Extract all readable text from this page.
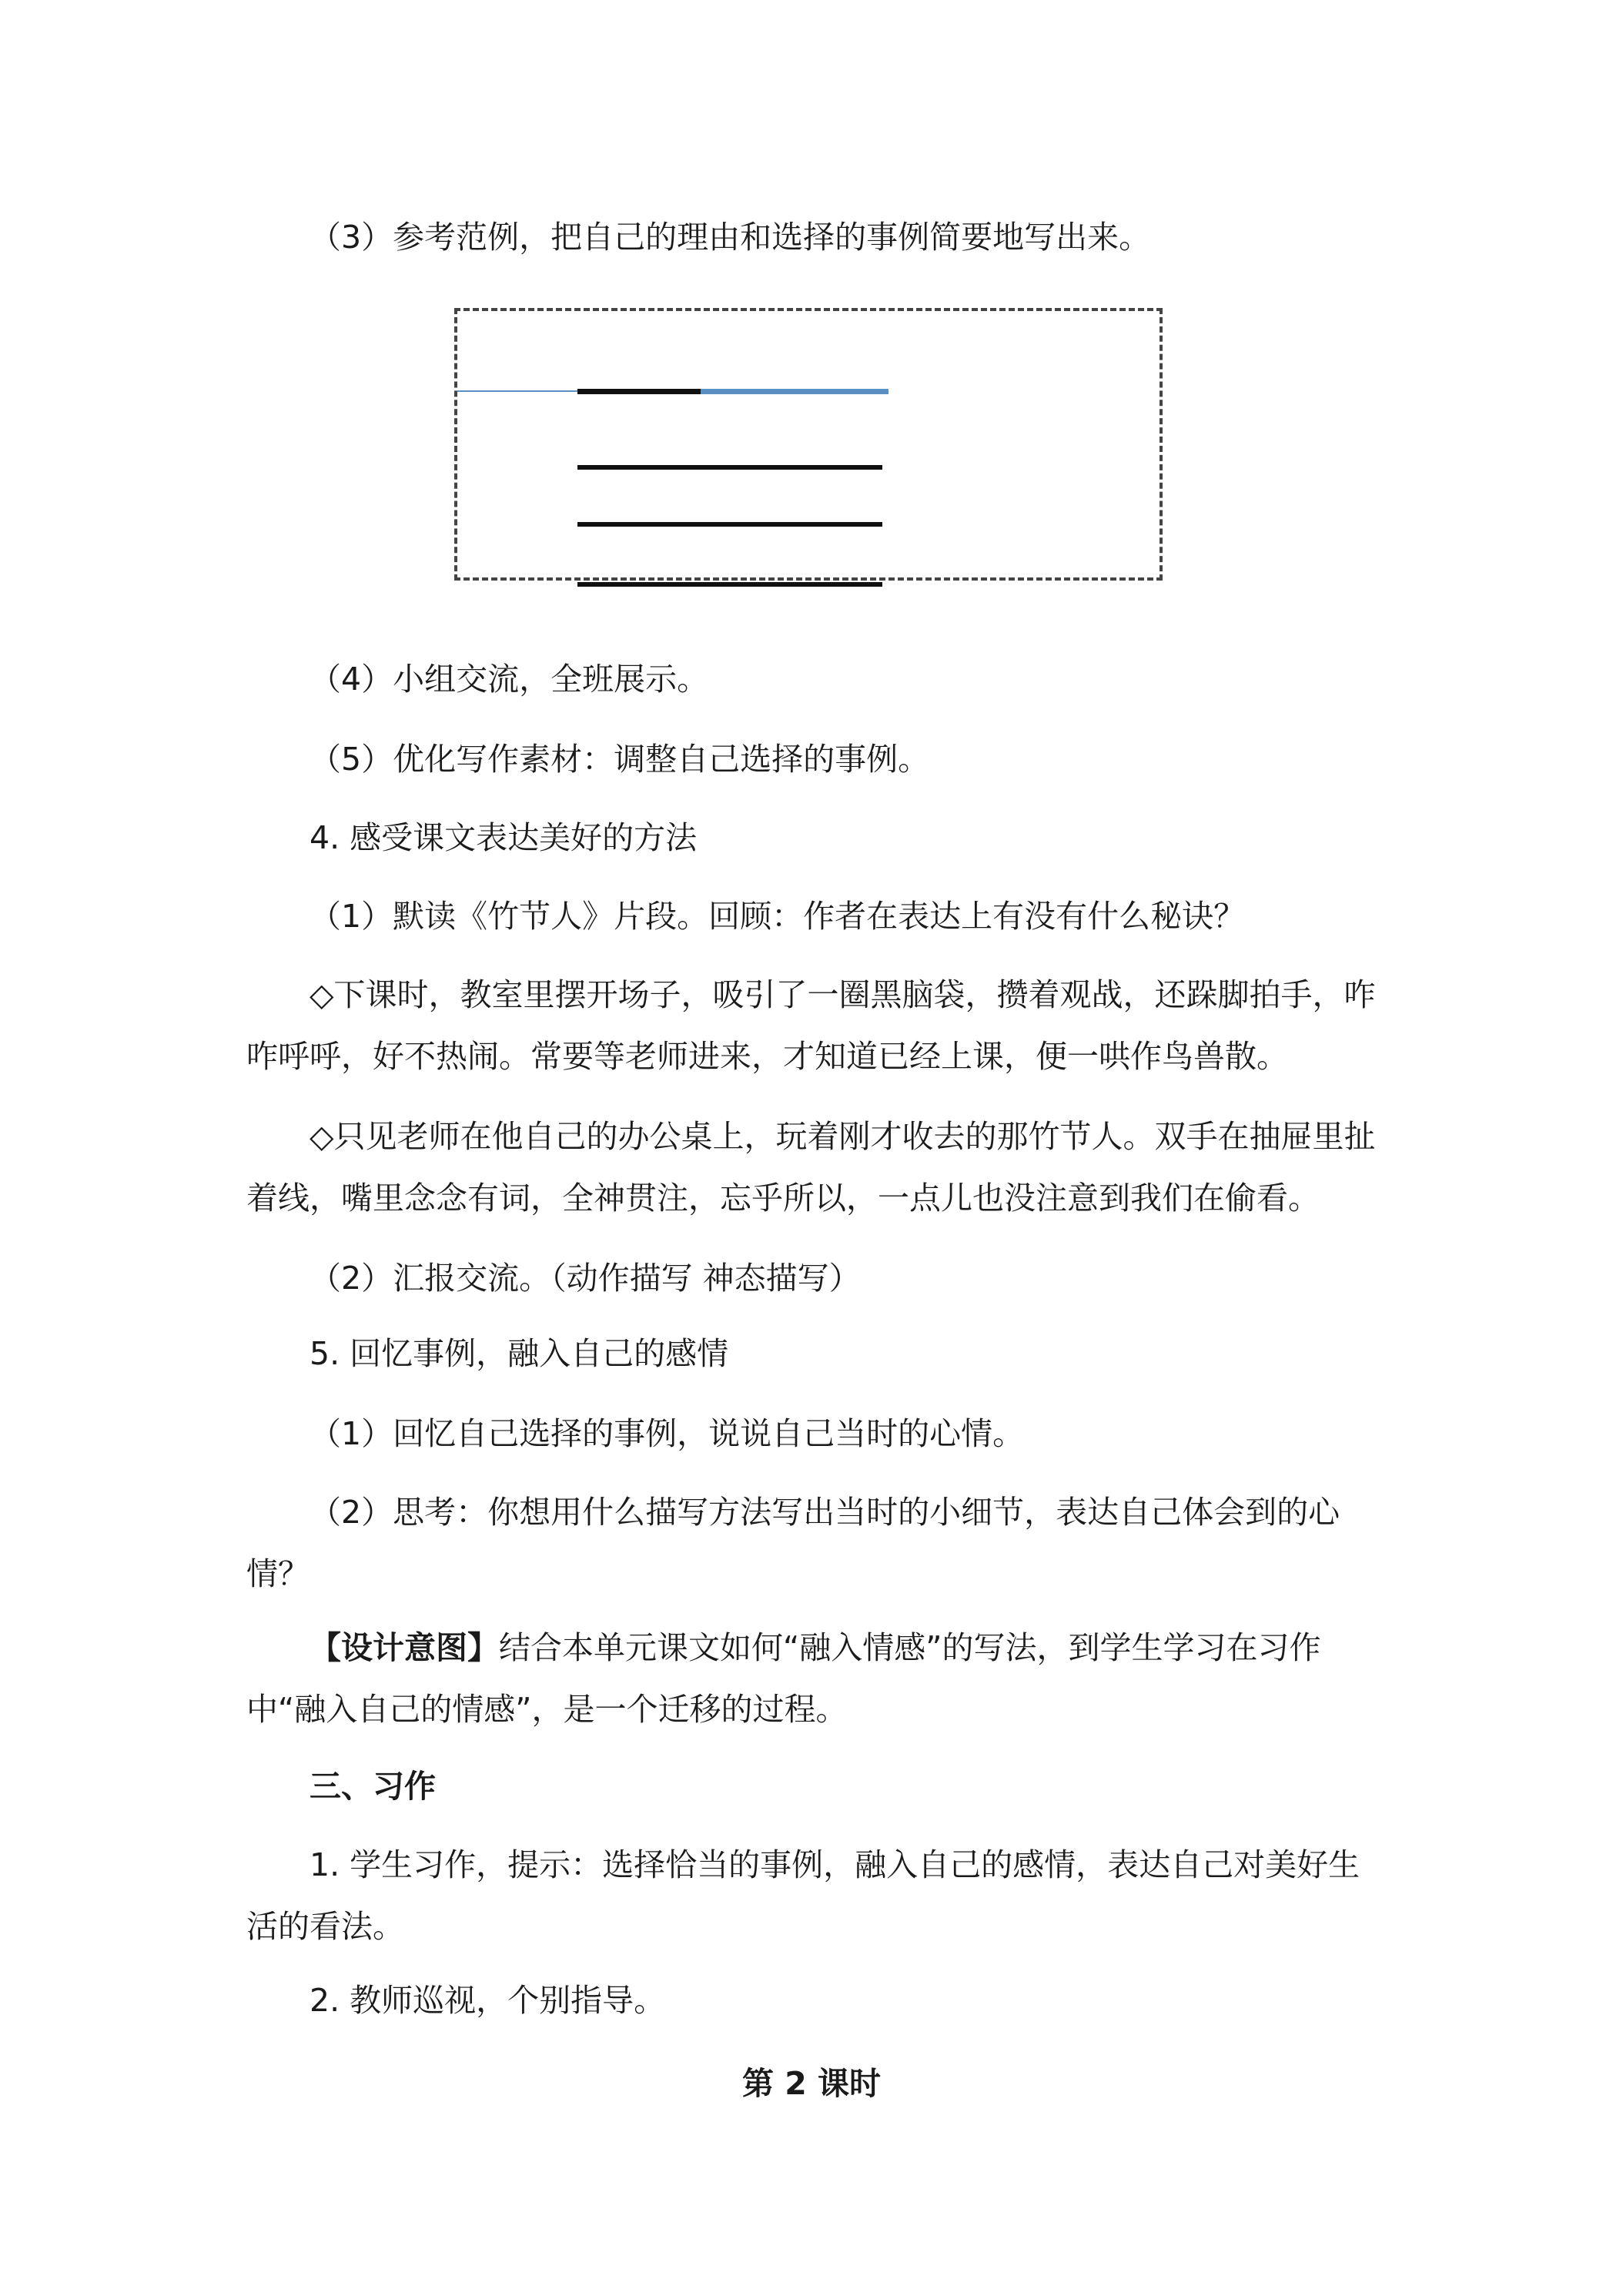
（3）参考范例，把自己的理由和选择的事例简要地写出来。

（4）小组交流，全班展示。

（5）优化写作素材：调整自己选择的事例。

4. 感受课文表达美好的方法

（1）默读《竹节人》片段。回顾：作者在表达上有没有什么秘诀？

◇下课时，教室里摆开场子，吸引了一圈黑脑袋，攒着观战，还跺脚拍手，咋咋呼呼，好不热闹。常要等老师进来，才知道已经上课，便一哄作鸟兽散。

◇只见老师在他自己的办公桌上，玩着刚才收去的那竹节人。双手在抽屉里扯着线，嘴里念念有词，全神贯注，忘乎所以，一点儿也没注意到我们在偷看。

（2）汇报交流。（动作描写 神态描写）

5. 回忆事例，融入自己的感情

（1）回忆自己选择的事例，说说自己当时的心情。

（2）思考：你想用什么描写方法写出当时的小细节，表达自己体会到的心情？

【设计意图】结合本单元课文如何“融入情感”的写法，到学生学习在习作中“融入自己的情感”，是一个迁移的过程。

三、习作

1. 学生习作，提示：选择恰当的事例，融入自己的感情，表达自己对美好生活的看法。

2. 教师巡视，个别指导。

第 2 课时
